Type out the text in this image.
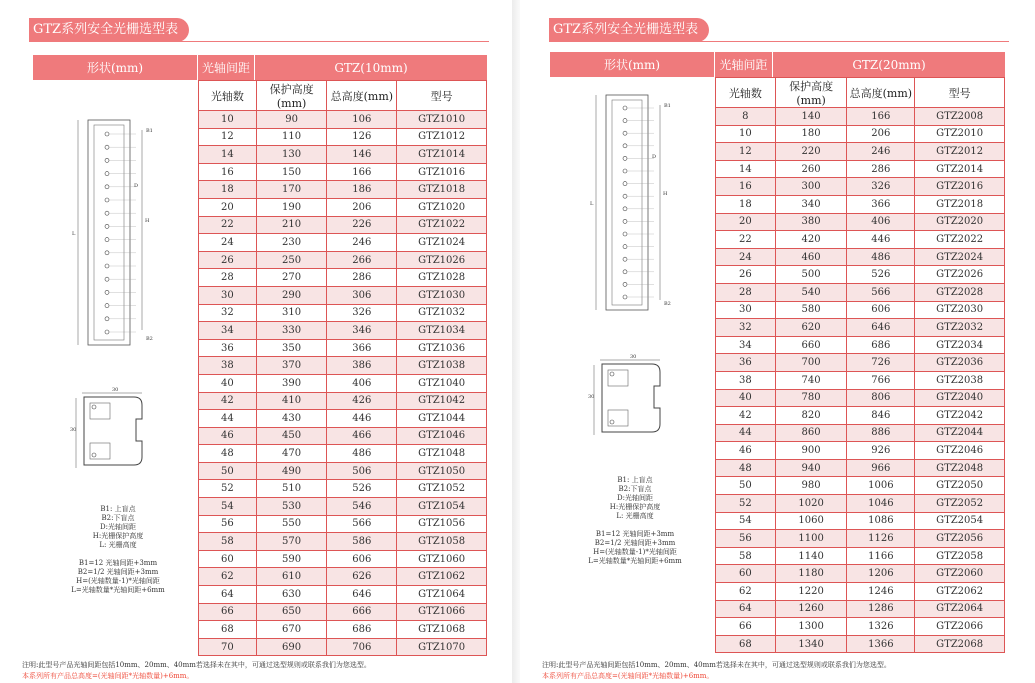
GTZ系列安全光栅选型表
形状(mm)	光轴间距	GTZ(10mm)
光轴数	保护高度(mm)	总高度(mm)	型号
10	90	106	GTZ1010
12	110	126	GTZ1012
14	130	146	GTZ1014
16	150	166	GTZ1016
18	170	186	GTZ1018
20	190	206	GTZ1020
22	210	226	GTZ1022
24	230	246	GTZ1024
26	250	266	GTZ1026
28	270	286	GTZ1028
30	290	306	GTZ1030
32	310	326	GTZ1032
34	330	346	GTZ1034
36	350	366	GTZ1036
38	370	386	GTZ1038
40	390	406	GTZ1040
42	410	426	GTZ1042
44	430	446	GTZ1044
46	450	466	GTZ1046
48	470	486	GTZ1048
50	490	506	GTZ1050
52	510	526	GTZ1052
54	530	546	GTZ1054
56	550	566	GTZ1056
58	570	586	GTZ1058
60	590	606	GTZ1060
62	610	626	GTZ1062
64	630	646	GTZ1064
66	650	666	GTZ1066
68	670	686	GTZ1068
70	690	706	GTZ1070
B1
D
H
L
B2
30
30
B1: 上盲点
B2:下盲点
D:光轴间距
H:光栅保护高度
L: 光栅高度
B1=12 光轴间距+3mm
B2=1/2 光轴间距+3mm
H=(光轴数量-1)*光轴间距
L=光轴数量*光轴间距+6mm
注明:此型号产品光轴间距包括10mm、20mm、40mm若选择未在其中，可通过选型规则或联系我们为您选型。
本系列所有产品总高度=(光轴间距*光轴数量)+6mm。
GTZ系列安全光栅选型表
形状(mm)	光轴间距	GTZ(20mm)
光轴数	保护高度(mm)	总高度(mm)	型号
8	140	166	GTZ2008
10	180	206	GTZ2010
12	220	246	GTZ2012
14	260	286	GTZ2014
16	300	326	GTZ2016
18	340	366	GTZ2018
20	380	406	GTZ2020
22	420	446	GTZ2022
24	460	486	GTZ2024
26	500	526	GTZ2026
28	540	566	GTZ2028
30	580	606	GTZ2030
32	620	646	GTZ2032
34	660	686	GTZ2034
36	700	726	GTZ2036
38	740	766	GTZ2038
40	780	806	GTZ2040
42	820	846	GTZ2042
44	860	886	GTZ2044
46	900	926	GTZ2046
48	940	966	GTZ2048
50	980	1006	GTZ2050
52	1020	1046	GTZ2052
54	1060	1086	GTZ2054
56	1100	1126	GTZ2056
58	1140	1166	GTZ2058
60	1180	1206	GTZ2060
62	1220	1246	GTZ2062
64	1260	1286	GTZ2064
66	1300	1326	GTZ2066
68	1340	1366	GTZ2068
B1
D
H
L
B2
30
30
B1: 上盲点
B2:下盲点
D:光轴间距
H:光栅保护高度
L: 光栅高度
B1=12 光轴间距+3mm
B2=1/2 光轴间距+3mm
H=(光轴数量-1)*光轴间距
L=光轴数量*光轴间距+6mm
注明:此型号产品光轴间距包括10mm、20mm、40mm若选择未在其中，可通过选型规则或联系我们为您选型。
本系列所有产品总高度=(光轴间距*光轴数量)+6mm。
